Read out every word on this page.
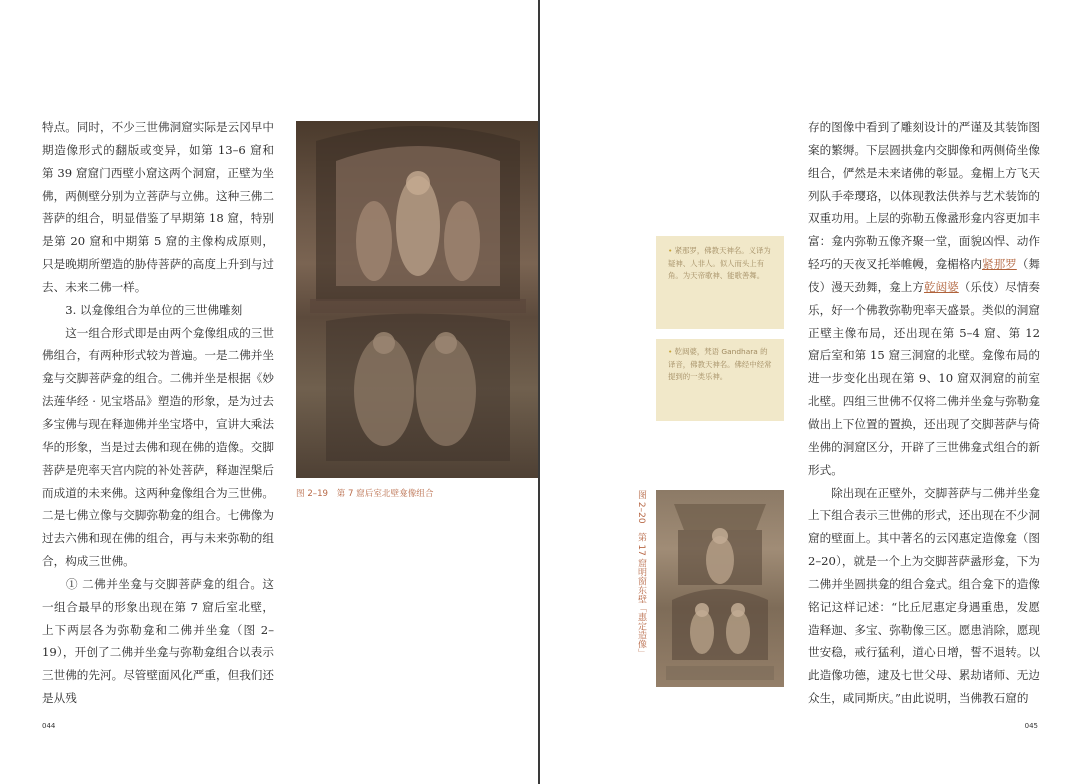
特点。同时，不少三世佛洞窟实际是云冈早中期造像形式的翻版或变异，如第 13–6 窟和第 39 窟窟门西壁小窟这两个洞窟，正壁为坐佛，两侧壁分别为立菩萨与立佛。这种三佛二菩萨的组合，明显借鉴了早期第 18 窟，特别是第 20 窟和中期第 5 窟的主像构成原则，只是晚期所塑造的胁侍菩萨的高度上升到与过去、未来二佛一样。

　　3. 以龛像组合为单位的三世佛雕刻

　　这一组合形式即是由两个龛像组成的三世佛组合，有两种形式较为普遍。一是二佛并坐龛与交脚菩萨龛的组合。二佛并坐是根据《妙法莲华经 · 见宝塔品》塑造的形象，是为过去多宝佛与现在释迦佛并坐宝塔中，宣讲大乘法华的形象，当是过去佛和现在佛的造像。交脚菩萨是兜率天宫内院的补处菩萨，释迦涅槃后而成道的未来佛。这两种龛像组合为三世佛。二是七佛立像与交脚弥勒龛的组合。七佛像为过去六佛和现在佛的组合，再与未来弥勒的组合，构成三世佛。

　　① 二佛并坐龛与交脚菩萨龛的组合。这一组合最早的形象出现在第 7 窟后室北壁，上下两层各为弥勒龛和二佛并坐龛（图 2–19），开创了二佛并坐龛与弥勒龛组合以表示三世佛的先河。尽管壁面风化严重，但我们还是从残

图 2–19　第 7 窟后室北壁龛像组合
044
• 紧那罗，佛教天神名。义译为疑神、人非人。似人而头上有角。为天帝歌神、能歌善舞。
• 乾闼婆，梵语 Gandhara 的译音，佛教天神名。佛经中经常提到的一类乐神。
图 2–20　第 17 窟明窗东壁「惠定造像」

存的图像中看到了雕刻设计的严谨及其装饰图案的繁缛。下层圆拱龛内交脚像和两侧倚坐像组合，俨然是未来诸佛的彰显。龛楣上方飞天列队手牵璎珞，以体现教法供养与艺术装饰的双重功用。上层的弥勒五像盝形龛内容更加丰富：龛内弥勒五像齐聚一堂，面貌凶悍、动作轻巧的天夜叉托举帷幔，龛楣格内紧那罗（舞伎）漫天劲舞，龛上方乾闼婆（乐伎）尽情奏乐，好一个佛教弥勒兜率天盛景。类似的洞窟正壁主像布局，还出现在第 5–4 窟、第 12 窟后室和第 15 窟三洞窟的北壁。龛像布局的进一步变化出现在第 9、10 窟双洞窟的前室北壁。四组三世佛不仅将二佛并坐龛与弥勒龛做出上下位置的置换，还出现了交脚菩萨与倚坐佛的洞窟区分，开辟了三世佛龛式组合的新形式。

　　除出现在正壁外，交脚菩萨与二佛并坐龛上下组合表示三世佛的形式，还出现在不少洞窟的壁面上。其中著名的云冈惠定造像龛（图 2–20），就是一个上为交脚菩萨盝形龛，下为二佛并坐圆拱龛的组合龛式。组合龛下的造像铭记这样记述：“比丘尼惠定身遇重患，发愿造释迦、多宝、弥勒像三区。愿患消除，愿现世安稳，戒行猛利，道心日增，誓不退转。以此造像功德，逮及七世父母、累劫诸师、无边众生，咸同斯庆。”由此说明，当佛教石窟的

045
